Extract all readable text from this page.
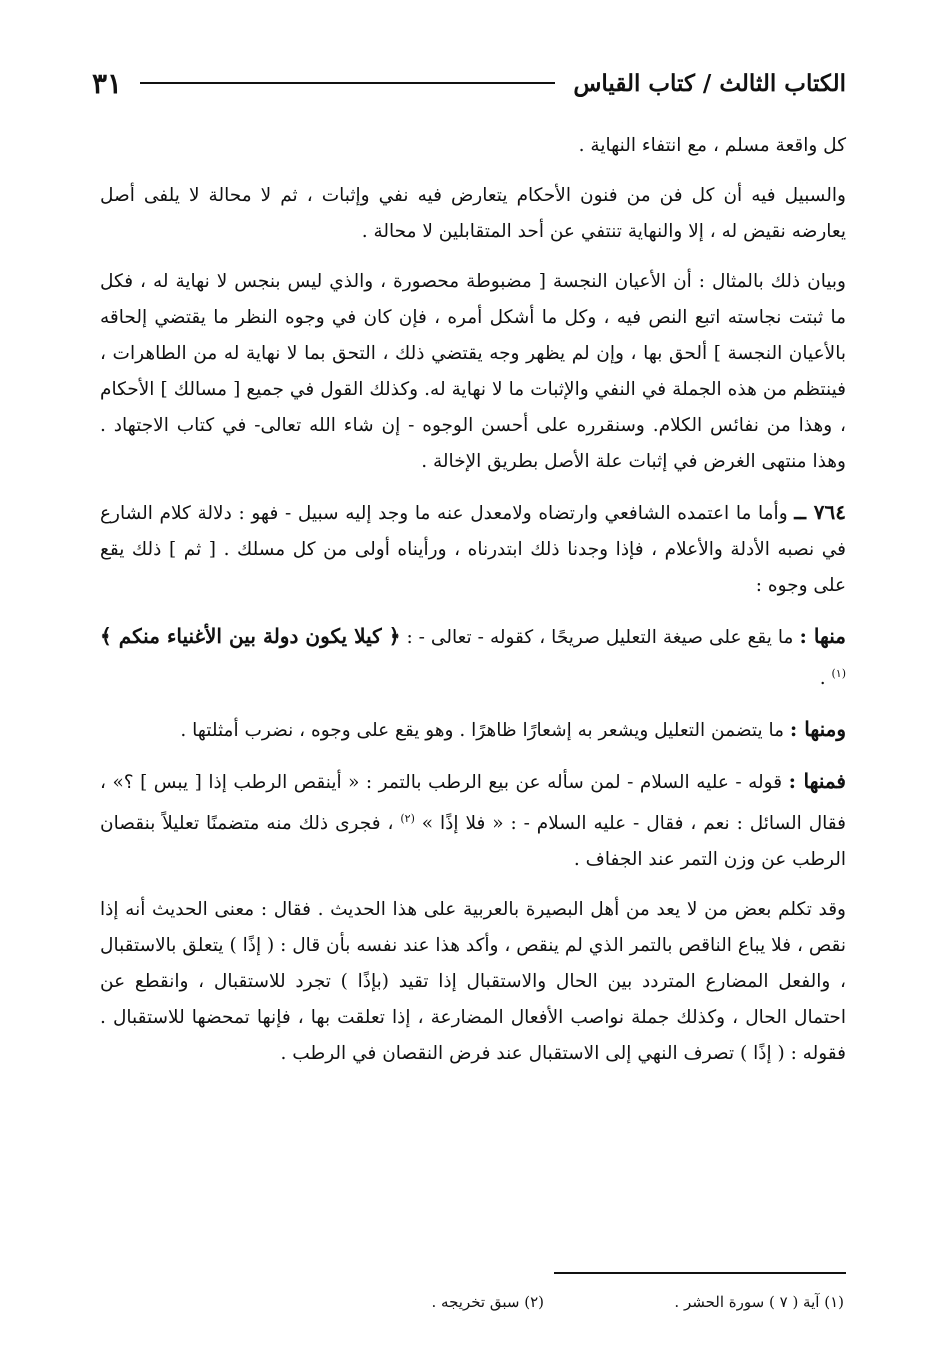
الكتاب الثالث / كتاب القياس
٣١

كل واقعة مسلم ، مع انتفاء النهاية .

والسبيل فيه أن كل فن من فنون الأحكام يتعارض فيه نفي وإثبات ، ثم لا محالة لا يلفى أصل يعارضه نقيض له ، إلا والنهاية تنتفي عن أحد المتقابلين لا محالة .

وبيان ذلك بالمثال : أن الأعيان النجسة [ مضبوطة محصورة ، والذي ليس بنجس لا نهاية له ، فكل ما ثبتت نجاسته اتبع النص فيه ، وكل ما أشكل أمره ، فإن كان في وجوه النظر ما يقتضي إلحاقه بالأعيان النجسة ] ألحق بها ، وإن لم يظهر وجه يقتضي ذلك ، التحق بما لا نهاية له من الطاهرات ، فينتظم من هذه الجملة في النفي والإثبات ما لا نهاية له. وكذلك القول في جميع [ مسالك ] الأحكام ، وهذا من نفائس الكلام. وسنقرره على أحسن الوجوه - إن شاء الله تعالى- في كتاب الاجتهاد . وهذا منتهى الغرض في إثبات علة الأصل بطريق الإخالة .

٧٦٤ ــ وأما ما اعتمده الشافعي وارتضاه ولامعدل عنه ما وجد إليه سبيل - فهو : دلالة كلام الشارع في نصبه الأدلة والأعلام ، فإذا وجدنا ذلك ابتدرناه ، ورأيناه أولى من كل مسلك . [ ثم ] ذلك يقع على وجوه :

منها : ما يقع على صيغة التعليل صريحًا ، كقوله - تعالى - : ﴿ كيلا يكون دولة بين الأغنياء منكم ﴾ $^{(١)}$ .

ومنها : ما يتضمن التعليل ويشعر به إشعارًا ظاهرًا . وهو يقع على وجوه ، نضرب أمثلتها .

فمنها : قوله - عليه السلام - لمن سأله عن بيع الرطب بالتمر : « أينقص الرطب إذا [ يبس ] ؟» ، فقال السائل : نعم ، فقال - عليه السلام - : « فلا إذًا » $^{(٢)}$ ، فجرى ذلك منه متضمنًا تعليلاً بنقصان الرطب عن وزن التمر عند الجفاف .

وقد تكلم بعض من لا يعد من أهل البصيرة بالعربية على هذا الحديث . فقال : معنى الحديث أنه إذا نقص ، فلا يباع الناقص بالتمر الذي لم ينقص ، وأكد هذا عند نفسه بأن قال : ( إذًا ) يتعلق بالاستقبال ، والفعل المضارع المتردد بين الحال والاستقبال إذا تقيد (بإذًا ) تجرد للاستقبال ، وانقطع عن احتمال الحال ، وكذلك جملة نواصب الأفعال المضارعة ، إذا تعلقت بها ، فإنها تمحضها للاستقبال . فقوله : ( إذًا ) تصرف النهي إلى الاستقبال عند فرض النقصان في الرطب .

(١) آية ( ٧ ) سورة الحشر .
(٢) سبق تخريجه .
